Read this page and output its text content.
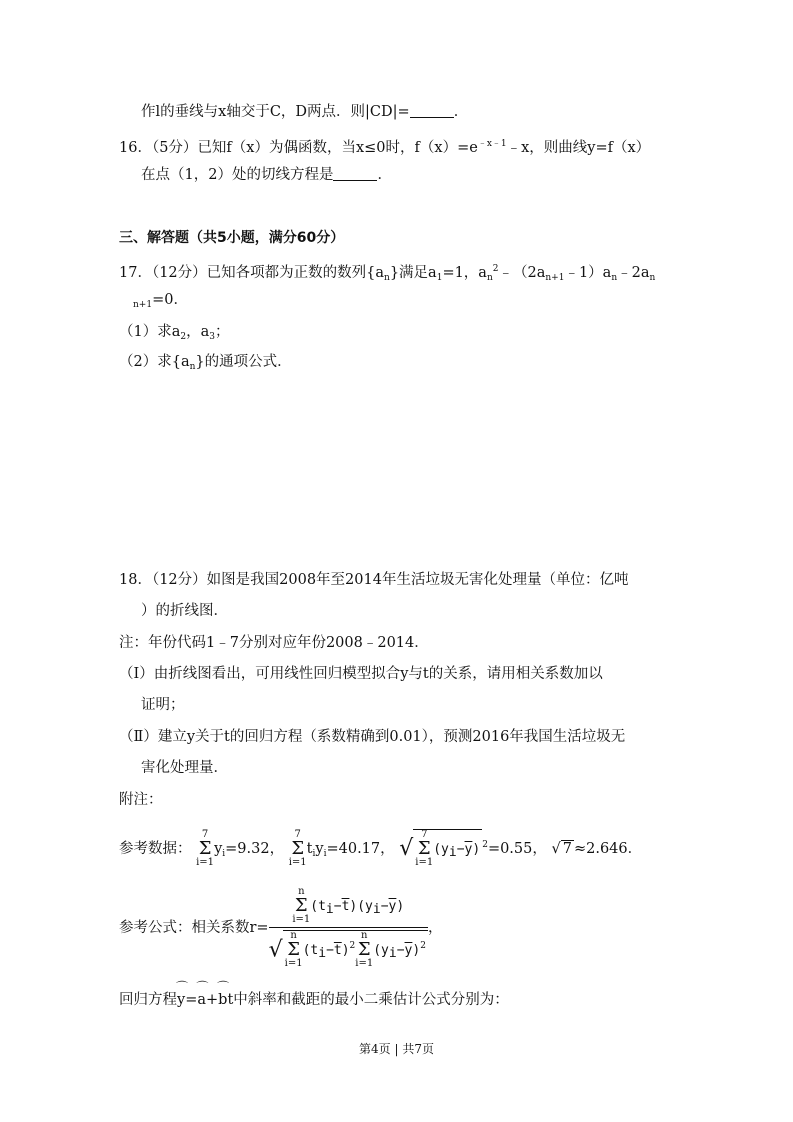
作l的垂线与x轴交于C，D两点．则|CD|=	．
16．（5分）已知f（x）为偶函数，当x≤0时，$f(x)=e^{﹣x﹣1}﹣x$，则曲线y=f（x）
在点（1，2）处的切线方程是	．
三、解答题（共5小题，满分60分）
17．（12分）已知各项都为正数的数列$\{a_n\}$满足$a_1=1$，$a_n^2﹣(2a_{n+1}﹣1)a_n﹣2a_n$
$_{n+1}$=0．
（1）求$a_2$，$a_3$；
（2）求$\{a_n\}$的通项公式．
18．（12分）如图是我国2008年至2014年生活垃圾无害化处理量（单位：亿吨
）的折线图．
注：年份代码1﹣7分别对应年份2008﹣2014．
（Ⅰ）由折线图看出，可用线性回归模型拟合y与t的关系，请用相关系数加以
证明；
（Ⅱ）建立y关于t的回归方程（系数精确到0.01），预测2016年我国生活垃圾无
害化处理量．
附注：
参考数据：
7
Σ
i=1
$y_i=9.32$，
7
Σ
i=1
$t_iy_i=40.17$， √
7
Σ
i=1
$(yi-\overline{y})$ $^2$=0.55， √ 7 ≈2.646．
参考公式：相关系数r= n
Σ
i=1
$(ti-\overline{t})(yi-\overline{y})$
√
n
Σ
i=1
$(ti-\overline{t})^2$
n
Σ
i=1
$(yi-\overline{y})^2$ ，
回归方程⌒ y=⌒ a+⌒ bt中斜率和截距的最小二乘估计公式分别为：
第4页 | 共7页
